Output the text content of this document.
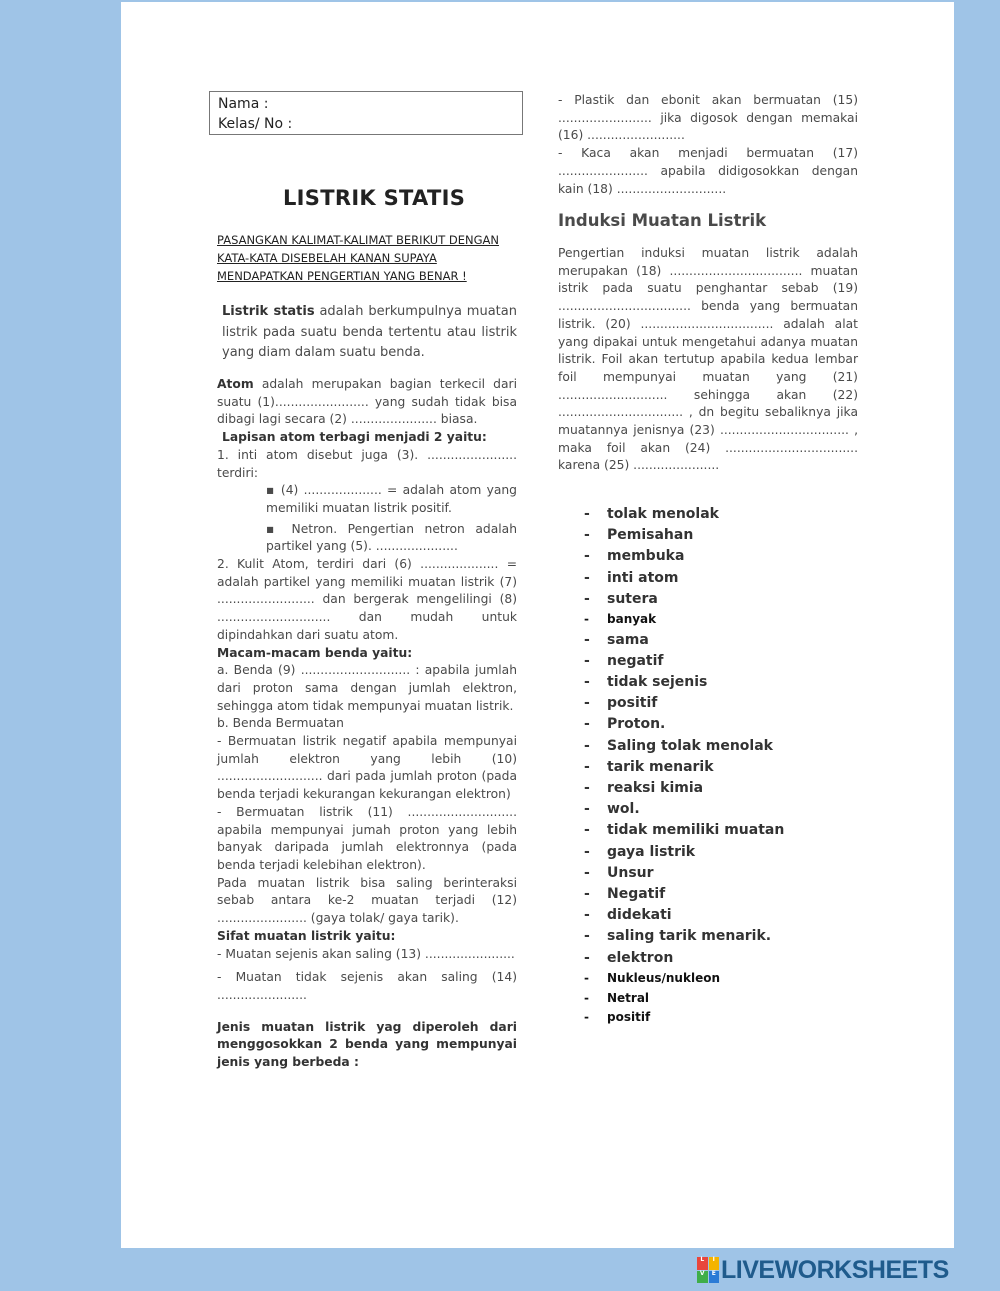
Nama :
Kelas/ No :
LISTRIK STATIS
PASANGKAN KALIMAT-KALIMAT BERIKUT DENGAN KATA-KATA DISEBELAH KANAN SUPAYA MENDAPATKAN PENGERTIAN YANG BENAR !

Listrik statis adalah berkumpulnya muatan listrik pada suatu benda tertentu atau listrik yang diam dalam suatu benda.

Atom adalah merupakan bagian terkecil dari suatu (1)........................ yang sudah tidak bisa dibagi lagi secara (2) ...................... biasa.

Lapisan atom terbagi menjadi 2 yaitu:

1. inti atom disebut juga (3). ....................... terdiri:

▪ (4) .................... = adalah atom yang memiliki muatan listrik positif.

▪ Netron. Pengertian netron adalah partikel yang (5). .....................

2. Kulit Atom, terdiri dari (6) .................... = adalah partikel yang memiliki muatan listrik (7) ......................... dan bergerak mengelilingi (8) ............................. dan mudah untuk dipindahkan dari suatu atom.

Macam-macam benda yaitu:

a. Benda (9) ............................ : apabila jumlah dari proton sama dengan jumlah elektron, sehingga atom tidak mempunyai muatan listrik.

b. Benda Bermuatan

- Bermuatan listrik negatif apabila mempunyai jumlah elektron yang lebih (10) ........................... dari pada jumlah proton (pada benda terjadi kekurangan kekurangan elektron)

- Bermuatan listrik (11) ............................ apabila mempunyai jumah proton yang lebih banyak daripada jumlah elektronnya (pada benda terjadi kelebihan elektron).

Pada muatan listrik bisa saling berinteraksi sebab antara ke-2 muatan terjadi (12) ....................... (gaya tolak/ gaya tarik).

Sifat muatan listrik yaitu:

- Muatan sejenis akan saling (13) .......................

- Muatan tidak sejenis akan saling (14) .......................

Jenis muatan listrik yag diperoleh dari menggosokkan 2 benda yang mempunyai jenis yang berbeda :

- Plastik dan ebonit akan bermuatan (15) ........................ jika digosok dengan memakai (16) .........................

- Kaca akan menjadi bermuatan (17) ....................... apabila didigosokkan dengan kain (18) ............................

Induksi Muatan Listrik

Pengertian induksi muatan listrik adalah merupakan (18) .................................. muatan istrik pada suatu penghantar sebab (19) .................................. benda yang bermuatan listrik. (20) .................................. adalah alat yang dipakai untuk mengetahui adanya muatan listrik. Foil akan tertutup apabila kedua lembar foil mempunyai muatan yang (21) ............................ sehingga akan (22) ................................ , dn begitu sebaliknya jika muatannya jenisnya (23) ................................. , maka foil akan (24) .................................. karena (25) ......................

- tolak menolak
- Pemisahan
- membuka
- inti atom
- sutera
- banyak
- sama
- negatif
- tidak sejenis
- positif
- Proton.
- Saling tolak menolak
- tarik menarik
- reaksi kimia
- wol.
- tidak memiliki muatan
- gaya listrik
- Unsur
- Negatif
- didekati
- saling tarik menarik.
- elektron
- Nukleus/nukleon
- Netral
- positif
L	I
V	E LIVEWORKSHEETS
